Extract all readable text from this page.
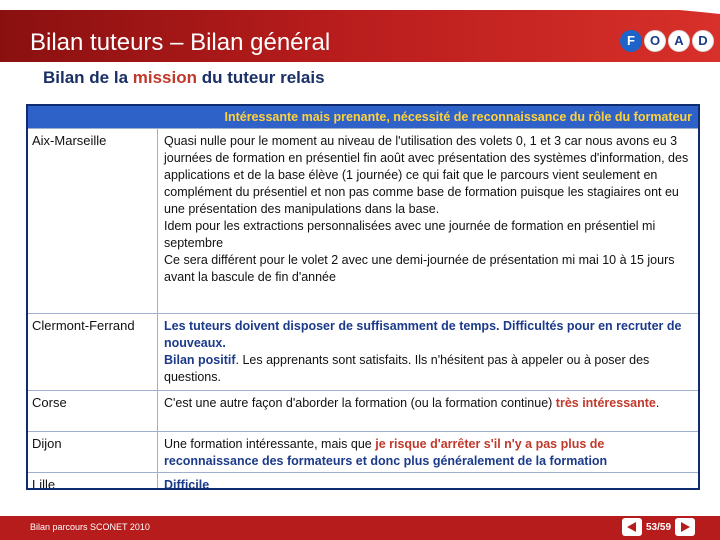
Bilan tuteurs – Bilan général	F	O	A	D
Bilan de la mission du tuteur relais
Intéressante mais prenante, nécessité de reconnaissance du rôle du formateur
Aix-Marseille	Quasi nulle pour le moment au niveau de l'utilisation des volets 0, 1 et 3 car nous avons eu 3 journées de formation en présentiel fin août avec présentation des systèmes d'information, des applications et de la base élève (1 journée) ce qui fait que le parcours vient seulement en complément du présentiel et non pas comme base de formation puisque les stagiaires ont eu une présentation des manipulations dans la base.

Idem pour les extractions personnalisées avec une journée de formation en présentiel mi septembre

Ce sera différent pour le volet 2 avec une demi-journée de présentation mi mai 10 à 15 jours avant la bascule de fin d'année

Clermont-Ferrand	Les tuteurs doivent disposer de suffisamment de temps. Difficultés pour en recruter de nouveaux.

Bilan positif. Les apprenants sont satisfaits. Ils n'hésitent pas à appeler ou à poser des questions.

Corse	C'est une autre façon d'aborder la formation (ou la formation continue) très intéressante.
Dijon	Une formation intéressante, mais que je risque d'arrêter s'il n'y a pas plus de reconnaissance des formateurs et donc plus généralement de la formation
Lille	Difficile
Bilan parcours SCONET 2010	53/59
